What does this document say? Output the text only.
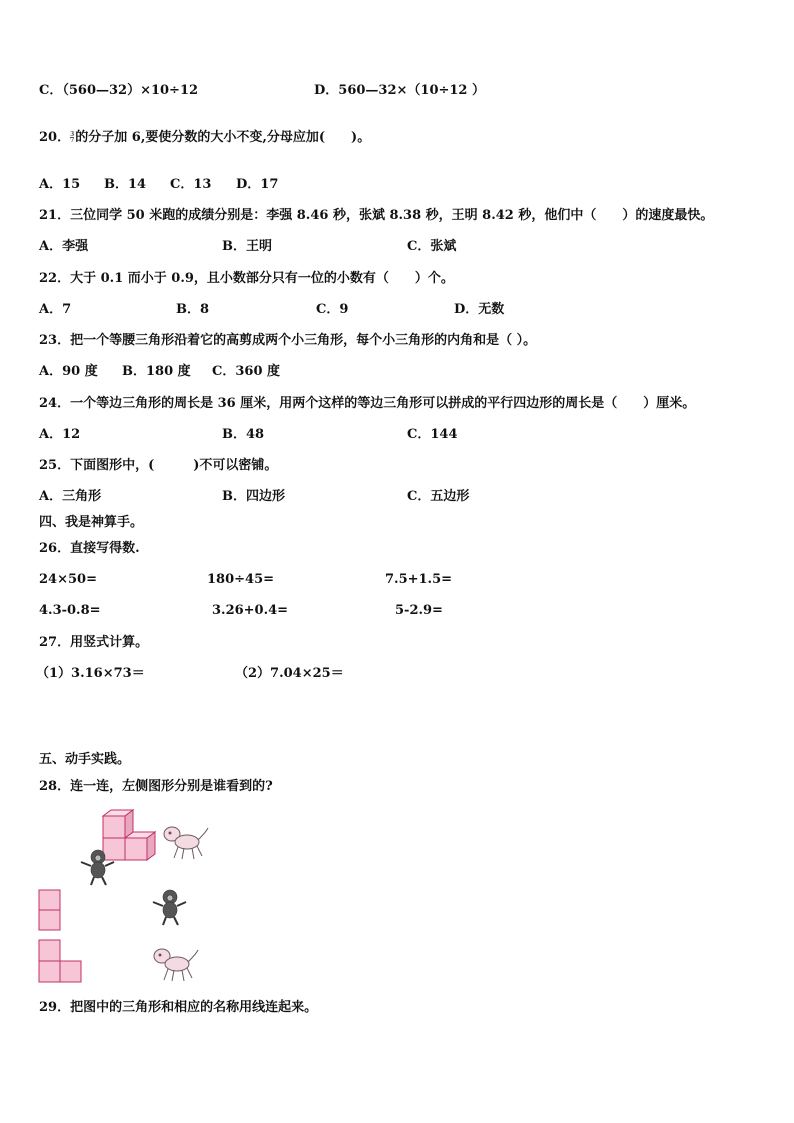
C．（560—32）×10÷12	D．560—32×（10÷12 ）
20． $\frac{3}{7}$ 的分子加 6,要使分数的大小不变,分母应加(　　)。
A．15 B．14 C．13 D．17
21．三位同学 50 米跑的成绩分别是：李强 8.46 秒，张斌 8.38 秒，王明 8.42 秒，他们中（　　）的速度最快。
A．李强	B．王明	C．张斌
22．大于 0.1 而小于 0.9，且小数部分只有一位的小数有（　　）个。
A．7	B．8	C．9	D．无数
23．把一个等腰三角形沿着它的高剪成两个小三角形，每个小三角形的内角和是（ ）。
A．90 度 B．180 度 C．360 度
24．一个等边三角形的周长是 36 厘米，用两个这样的等边三角形可以拼成的平行四边形的周长是（　　）厘米。
A．12	B．48	C．144
25．下面图形中，(　　　)不可以密铺。
A．三角形	B．四边形	C．五边形
四、我是神算手。
26．直接写得数.
24×50=	180÷45=	7.5+1.5=
4.3-0.8=	3.26+0.4=	5-2.9=
27．用竖式计算。
（1）3.16×73＝	（2）7.04×25＝
五、动手实践。
28．连一连，左侧图形分别是谁看到的?
29．把图中的三角形和相应的名称用线连起来。
